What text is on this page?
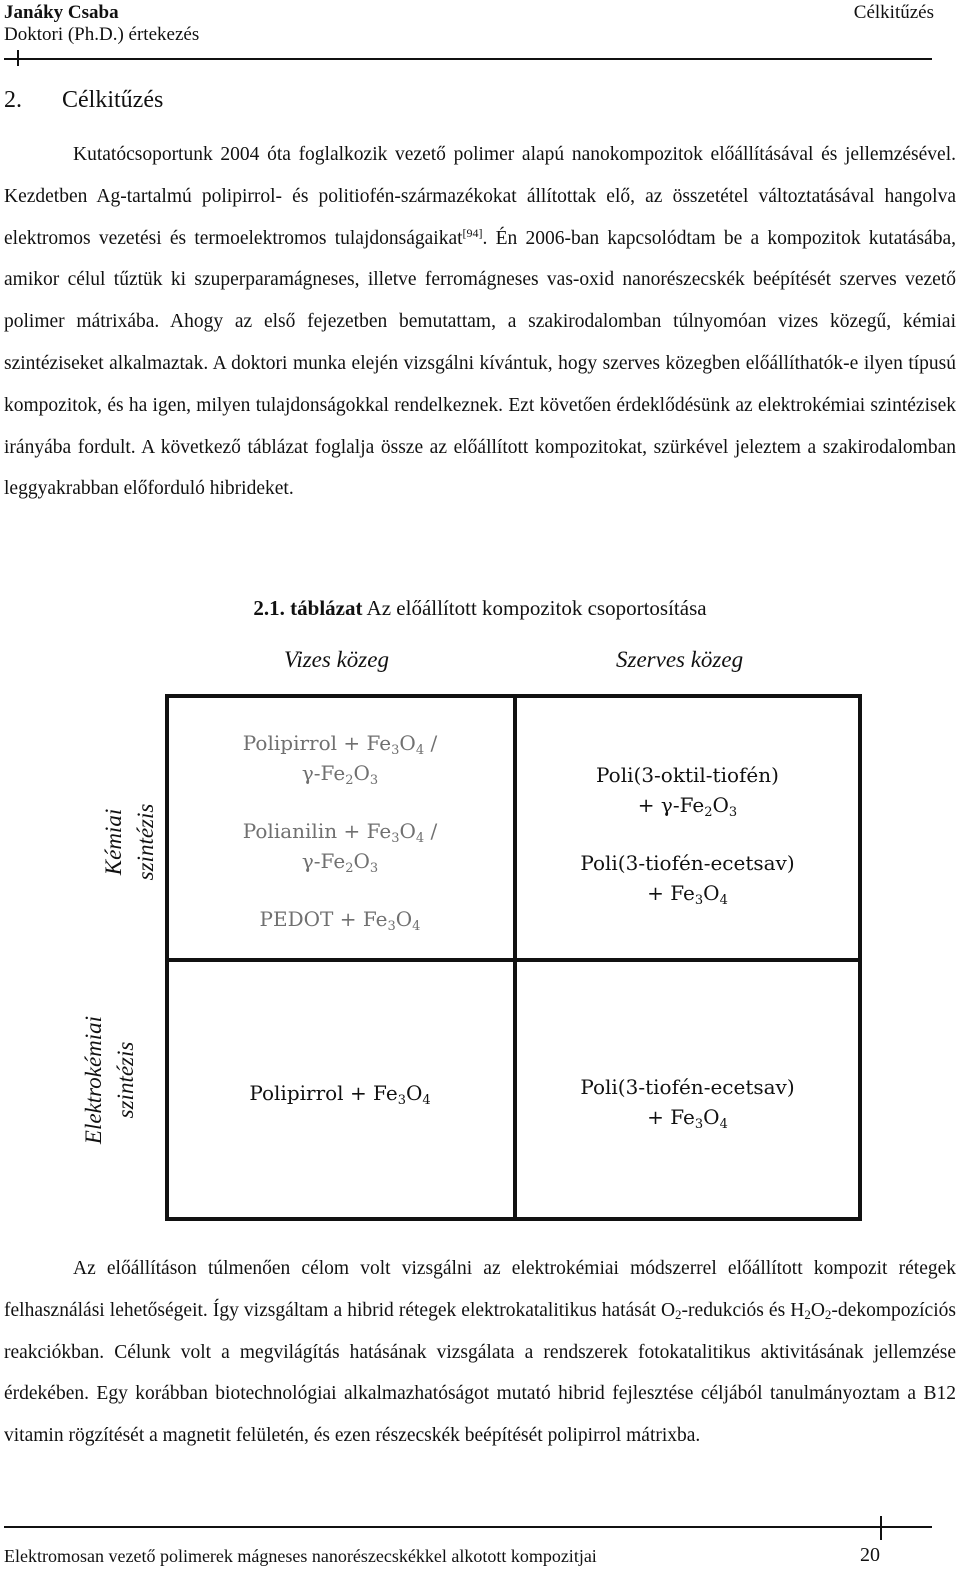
Janáky Csaba
Doktori (Ph.D.) értekezés
Célkitűzés
2. Célkitűzés
Kutatócsoportunk 2004 óta foglalkozik vezető polimer alapú nanokompozitok előállításával és jellemzésével. Kezdetben Ag-tartalmú polipirrol- és politiofén-származékokat állítottak elő, az összetétel változtatásával hangolva elektromos vezetési és termoelektromos tulajdonságaikat[94]. Én 2006-ban kapcsolódtam be a kompozitok kutatásába, amikor célul tűztük ki szuperparamágneses, illetve ferromágneses vas-oxid nanorészecskék beépítését szerves vezető polimer mátrixába. Ahogy az első fejezetben bemutattam, a szakirodalomban túlnyomóan vizes közegű, kémiai szintéziseket alkalmaztak. A doktori munka elején vizsgálni kívántuk, hogy szerves közegben előállíthatók-e ilyen típusú kompozitok, és ha igen, milyen tulajdonságokkal rendelkeznek. Ezt követően érdeklődésünk az elektrokémiai szintézisek irányába fordult. A következő táblázat foglalja össze az előállított kompozitokat, szürkével jeleztem a szakirodalomban leggyakrabban előforduló hibrideket.
2.1. táblázat Az előállított kompozitok csoportosítása
Vizes közeg	Szerves közeg
Kémiai szintézis
Elektrokémiai szintézis
Polipirrol + $Fe_3O_4$ /
$\gamma-Fe_2O_3$
Polianilin + $Fe_3O_4$ /
$\gamma-Fe_2O_3$
PEDOT + $Fe_3O_4$
Poli(3-oktil-tiofén)
+ $\gamma-Fe_2O_3$
Poli(3-tiofén-ecetsav)
+ $Fe_3O_4$
Polipirrol + $Fe_3O_4$
Poli(3-tiofén-ecetsav)
+ $Fe_3O_4$
Az előállításon túlmenően célom volt vizsgálni az elektrokémiai módszerrel előállított kompozit rétegek felhasználási lehetőségeit. Így vizsgáltam a hibrid rétegek elektrokatalitikus hatását $O_2$-redukciós és $H_2O_2$-dekompozíciós reakciókban. Célunk volt a megvilágítás hatásának vizsgálata a rendszerek fotokatalitikus aktivitásának jellemzése érdekében. Egy korábban biotechnológiai alkalmazhatóságot mutató hibrid fejlesztése céljából tanulmányoztam a B12 vitamin rögzítését a magnetit felületén, és ezen részecskék beépítését polipirrol mátrixba.
Elektromosan vezető polimerek mágneses nanorészecskékkel alkotott kompozitjai	20
